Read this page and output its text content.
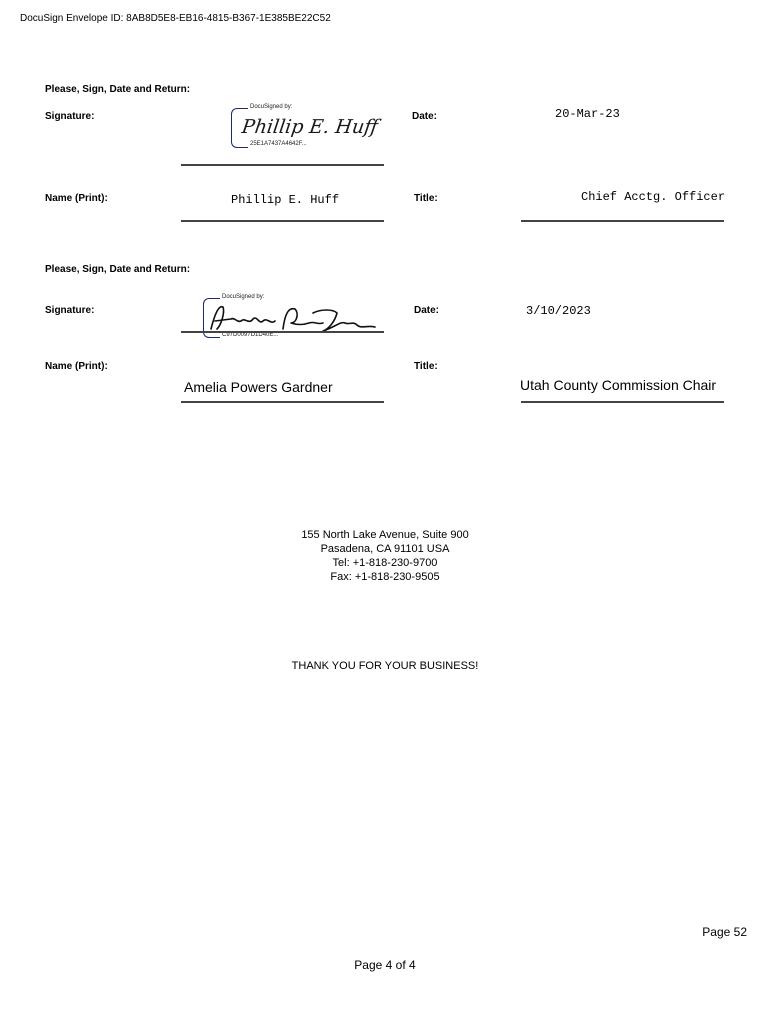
DocuSign Envelope ID: 8AB8D5E8-EB16-4815-B367-1E385BE22C52
Please, Sign, Date and Return:
Signature:
DocuSigned by:
Phillip E. Huff
25E1A7437A4642F...
Date:	20-Mar-23
Name (Print):	Phillip E. Huff	Title:	Chief Acctg. Officer
Please, Sign, Date and Return:
Signature:
DocuSigned by:
C97D0097D1D40E...
Date:	3/10/2023
Name (Print):
Amelia Powers Gardner
Title:
Utah County Commission Chair
155 North Lake Avenue, Suite 900
Pasadena, CA 91101 USA
Tel: +1-818-230-9700
Fax: +1-818-230-9505
THANK YOU FOR YOUR BUSINESS!
Page 52
Page 4 of 4
